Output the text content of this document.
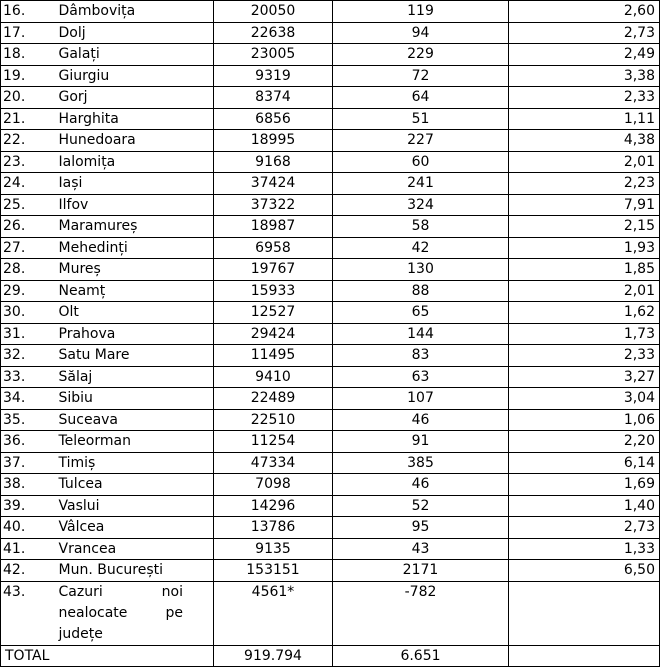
16.	Dâmbovița	20050	119	2,60
17.	Dolj	22638	94	2,73
18.	Galați	23005	229	2,49
19.	Giurgiu	9319	72	3,38
20.	Gorj	8374	64	2,33
21.	Harghita	6856	51	1,11
22.	Hunedoara	18995	227	4,38
23.	Ialomița	9168	60	2,01
24.	Iași	37424	241	2,23
25.	Ilfov	37322	324	7,91
26.	Maramureș	18987	58	2,15
27.	Mehedinți	6958	42	1,93
28.	Mureș	19767	130	1,85
29.	Neamț	15933	88	2,01
30.	Olt	12527	65	1,62
31.	Prahova	29424	144	1,73
32.	Satu Mare	11495	83	2,33
33.	Sălaj	9410	63	3,27
34.	Sibiu	22489	107	3,04
35.	Suceava	22510	46	1,06
36.	Teleorman	11254	91	2,20
37.	Timiș	47334	385	6,14
38.	Tulcea	7098	46	1,69
39.	Vaslui	14296	52	1,40
40.	Vâlcea	13786	95	2,73
41.	Vrancea	9135	43	1,33
42.	Mun. București	153151	2171	6,50
43.	Cazuri noi
nealocate pe
județe	4561*	-782	
TOTAL		919.794	6.651	
